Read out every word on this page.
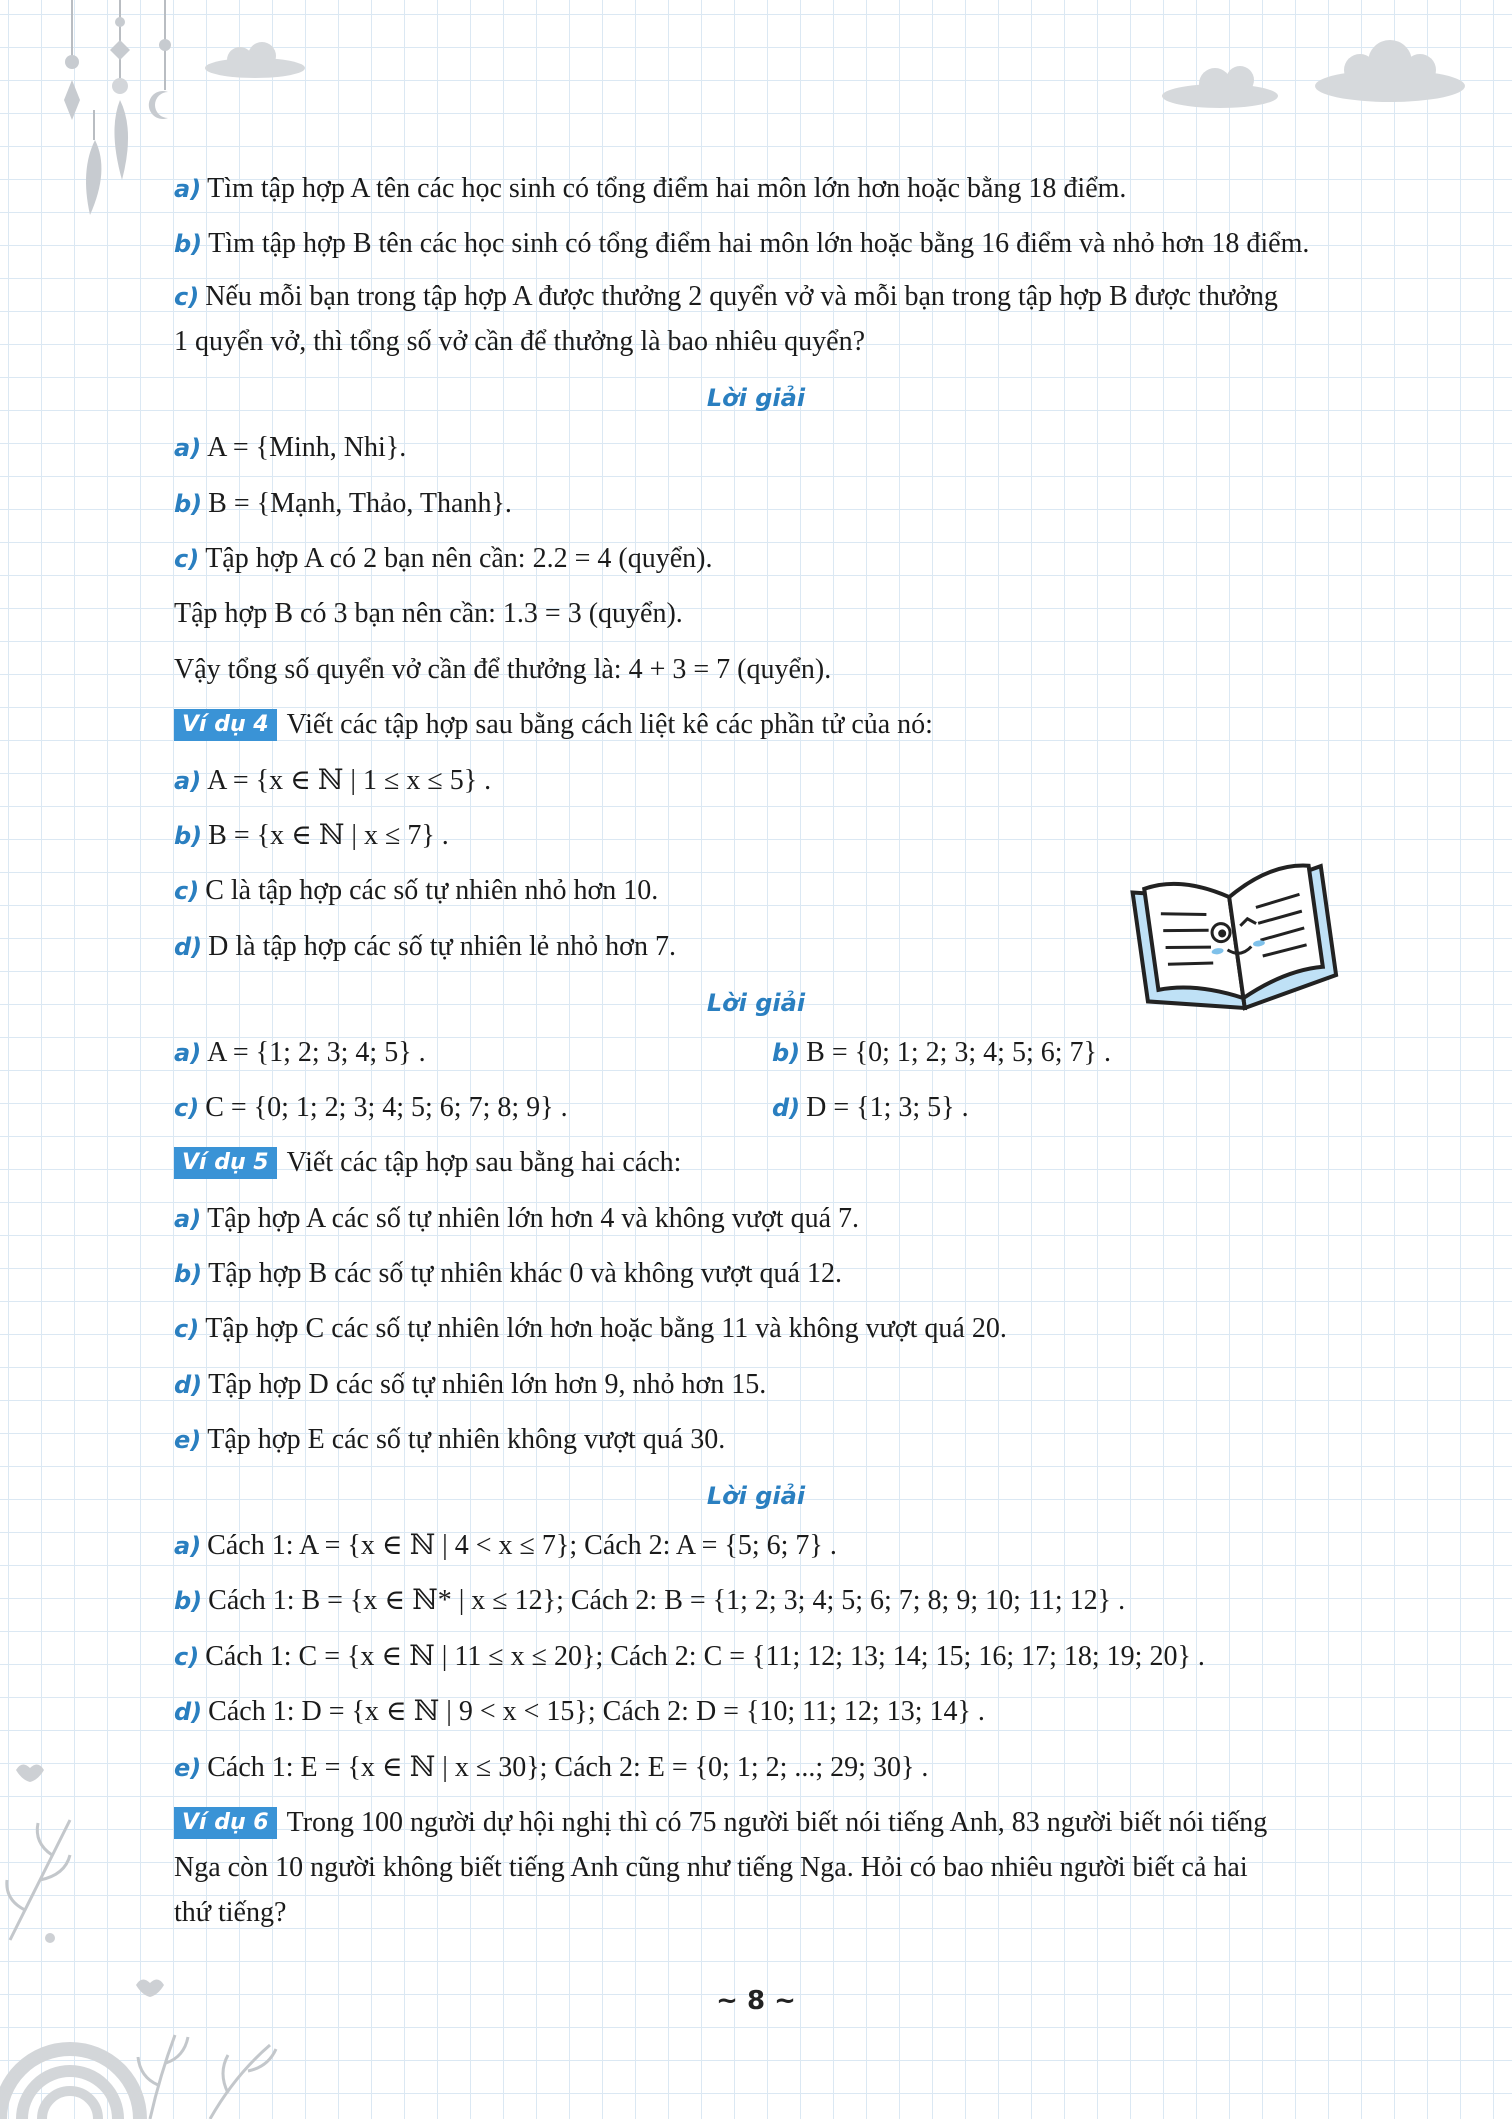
a) Tìm tập hợp A tên các học sinh có tổng điểm hai môn lớn hơn hoặc bằng 18 điểm.
b) Tìm tập hợp B tên các học sinh có tổng điểm hai môn lớn hoặc bằng 16 điểm và nhỏ hơn 18 điểm.
c) Nếu mỗi bạn trong tập hợp A được thưởng 2 quyển vở và mỗi bạn trong tập hợp B được thưởng
1 quyển vở, thì tổng số vở cần để thưởng là bao nhiêu quyển?
Lời giải
a) A = {Minh, Nhi}.
b) B = {Mạnh, Thảo, Thanh}.
c) Tập hợp A có 2 bạn nên cần: 2.2 = 4 (quyển).
Tập hợp B có 3 bạn nên cần: 1.3 = 3 (quyển).
Vậy tổng số quyển vở cần để thưởng là: 4 + 3 = 7 (quyển).
Ví dụ 4 Viết các tập hợp sau bằng cách liệt kê các phần tử của nó:
a) A = {x ∈ ℕ | 1 ≤ x ≤ 5} .
b) B = {x ∈ ℕ | x ≤ 7} .
c) C là tập hợp các số tự nhiên nhỏ hơn 10.
d) D là tập hợp các số tự nhiên lẻ nhỏ hơn 7.
Lời giải
a) A = {1; 2; 3; 4; 5} .	b) B = {0; 1; 2; 3; 4; 5; 6; 7} .
c) C = {0; 1; 2; 3; 4; 5; 6; 7; 8; 9} .	d) D = {1; 3; 5} .
Ví dụ 5 Viết các tập hợp sau bằng hai cách:
a) Tập hợp A các số tự nhiên lớn hơn 4 và không vượt quá 7.
b) Tập hợp B các số tự nhiên khác 0 và không vượt quá 12.
c) Tập hợp C các số tự nhiên lớn hơn hoặc bằng 11 và không vượt quá 20.
d) Tập hợp D các số tự nhiên lớn hơn 9, nhỏ hơn 15.
e) Tập hợp E các số tự nhiên không vượt quá 30.
Lời giải
a) Cách 1: A = {x ∈ ℕ | 4 < x ≤ 7}; Cách 2: A = {5; 6; 7} .
b) Cách 1: B = {x ∈ ℕ* | x ≤ 12}; Cách 2: B = {1; 2; 3; 4; 5; 6; 7; 8; 9; 10; 11; 12} .
c) Cách 1: C = {x ∈ ℕ | 11 ≤ x ≤ 20}; Cách 2: C = {11; 12; 13; 14; 15; 16; 17; 18; 19; 20} .
d) Cách 1: D = {x ∈ ℕ | 9 < x < 15}; Cách 2: D = {10; 11; 12; 13; 14} .
e) Cách 1: E = {x ∈ ℕ | x ≤ 30}; Cách 2: E = {0; 1; 2; ...; 29; 30} .
Ví dụ 6 Trong 100 người dự hội nghị thì có 75 người biết nói tiếng Anh, 83 người biết nói tiếng
Nga còn 10 người không biết tiếng Anh cũng như tiếng Nga. Hỏi có bao nhiêu người biết cả hai
thứ tiếng?
~ 8 ~
